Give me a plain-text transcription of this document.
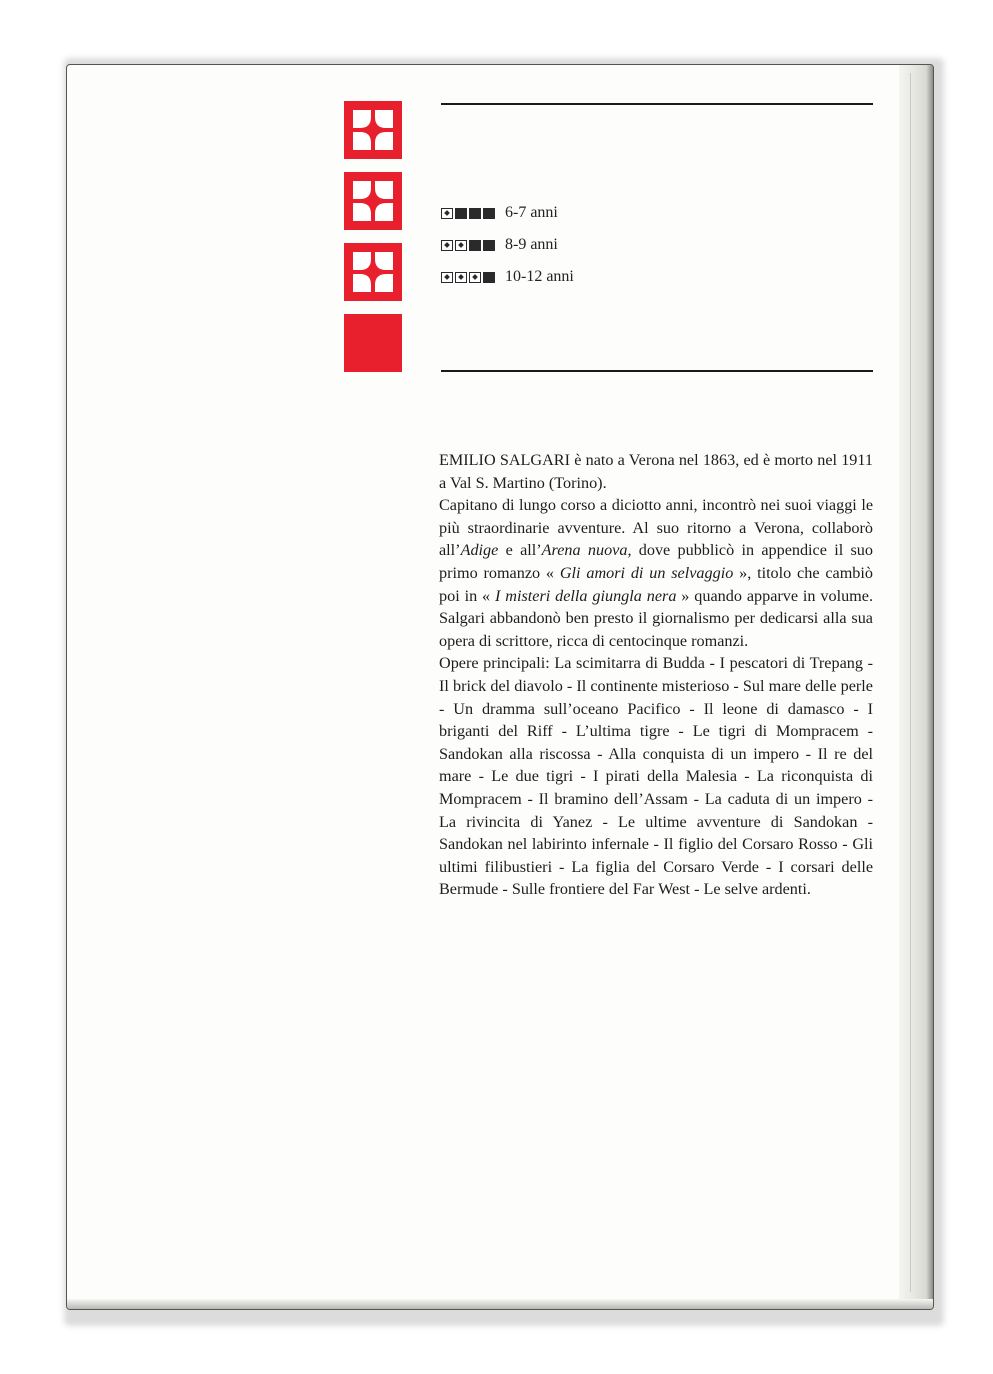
6-7 anni
8-9 anni
10-12 anni

EMILIO SALGARI è nato a Verona nel 1863, ed è morto nel 1911 a Val S. Martino (Torino).

Capitano di lungo corso a diciotto anni, incontrò nei suoi viaggi le più straordinarie avventure. Al suo ritorno a Verona, collaborò all’Adige e all’Arena nuova, dove pubblicò in appendice il suo primo romanzo « Gli amori di un selvaggio », titolo che cambiò poi in « I misteri della giungla nera » quando apparve in volume. Salgari abbandonò ben presto il giornalismo per dedicarsi alla sua opera di scrittore, ricca di centocinque romanzi.

Opere principali: La scimitarra di Budda - I pescatori di Trepang - Il brick del diavolo - Il continente misterioso - Sul mare delle perle - Un dramma sull’oceano Pacifico - Il leone di damasco - I briganti del Riff - L’ultima tigre - Le tigri di Mompracem - Sandokan alla riscossa - Alla conquista di un impero - Il re del mare - Le due tigri - I pirati della Malesia - La riconquista di Mompracem - Il bramino dell’Assam - La caduta di un impero - La rivincita di Yanez - Le ultime avventure di Sandokan - Sandokan nel labirinto infernale - Il figlio del Corsaro Rosso - Gli ultimi filibustieri - La figlia del Corsaro Verde - I corsari delle Bermude - Sulle frontiere del Far West - Le selve ardenti.
